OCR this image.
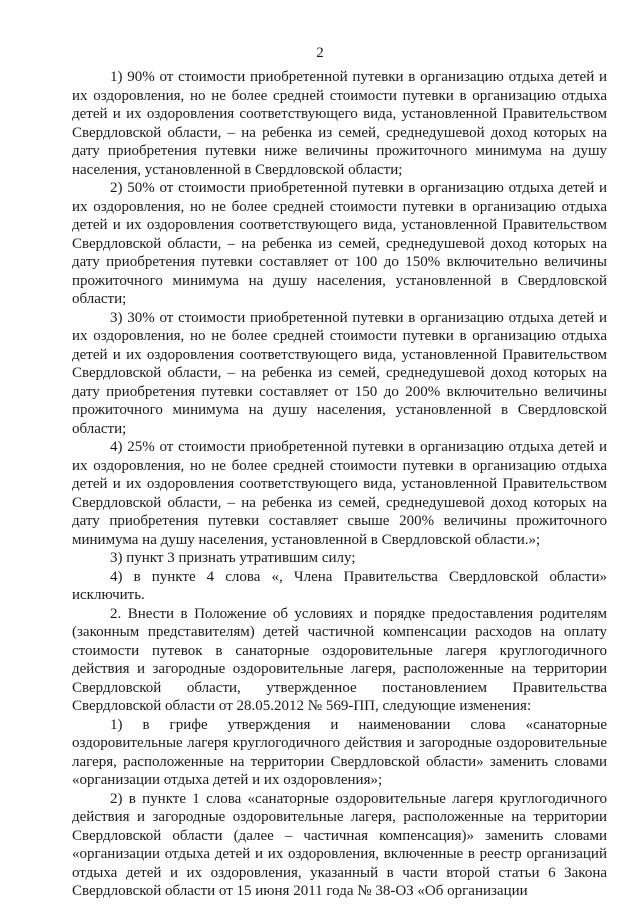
2

1) 90% от стоимости приобретенной путевки в организацию отдыха детей и их оздоровления, но не более средней стоимости путевки в организацию отдыха детей и их оздоровления соответствующего вида, установленной Правительством Свердловской области, – на ребенка из семей, среднедушевой доход которых на дату приобретения путевки ниже величины прожиточного минимума на душу населения, установленной в Свердловской области;

2) 50% от стоимости приобретенной путевки в организацию отдыха детей и их оздоровления, но не более средней стоимости путевки в организацию отдыха детей и их оздоровления соответствующего вида, установленной Правительством Свердловской области, – на ребенка из семей, среднедушевой доход которых на дату приобретения путевки составляет от 100 до 150% включительно величины прожиточного минимума на душу населения, установленной в Свердловской области;

3) 30% от стоимости приобретенной путевки в организацию отдыха детей и их оздоровления, но не более средней стоимости путевки в организацию отдыха детей и их оздоровления соответствующего вида, установленной Правительством Свердловской области, – на ребенка из семей, среднедушевой доход которых на дату приобретения путевки составляет от 150 до 200% включительно величины прожиточного минимума на душу населения, установленной в Свердловской области;

4) 25% от стоимости приобретенной путевки в организацию отдыха детей и их оздоровления, но не более средней стоимости путевки в организацию отдыха детей и их оздоровления соответствующего вида, установленной Правительством Свердловской области, – на ребенка из семей, среднедушевой доход которых на дату приобретения путевки составляет свыше 200% величины прожиточного минимума на душу населения, установленной в Свердловской области.»;

3) пункт 3 признать утратившим силу;

4) в пункте 4 слова «, Члена Правительства Свердловской области» исключить.

2. Внести в Положение об условиях и порядке предоставления родителям (законным представителям) детей частичной компенсации расходов на оплату стоимости путевок в санаторные оздоровительные лагеря круглогодичного действия и загородные оздоровительные лагеря, расположенные на территории Свердловской области, утвержденное постановлением Правительства Свердловской области от 28.05.2012 № 569-ПП, следующие изменения:

1) в грифе утверждения и наименовании слова «санаторные оздоровительные лагеря круглогодичного действия и загородные оздоровительные лагеря, расположенные на территории Свердловской области» заменить словами «организации отдыха детей и их оздоровления»;

2) в пункте 1 слова «санаторные оздоровительные лагеря круглогодичного действия и загородные оздоровительные лагеря, расположенные на территории Свердловской области (далее – частичная компенсация)» заменить словами «организации отдыха детей и их оздоровления, включенные в реестр организаций отдыха детей и их оздоровления, указанный в части второй статьи 6 Закона Свердловской области от 15 июня 2011 года № 38-ОЗ «Об организации
